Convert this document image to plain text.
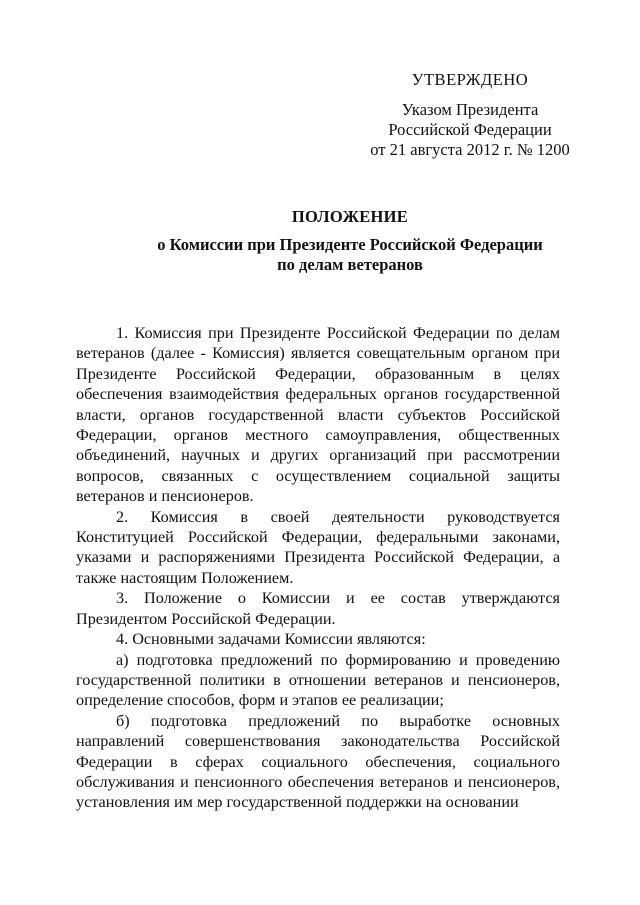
УТВЕРЖДЕНО
Указом Президента
Российской Федерации
от 21 августа 2012 г. № 1200
ПОЛОЖЕНИЕ
о Комиссии при Президенте Российской Федерации
по делам ветеранов

1. Комиссия при Президенте Российской Федерации по делам ветеранов (далее - Комиссия) является совещательным органом при Президенте Российской Федерации, образованным в целях обеспечения взаимодействия федеральных органов государственной власти, органов государственной власти субъектов Российской Федерации, органов местного самоуправления, общественных объединений, научных и других организаций при рассмотрении вопросов, связанных с осуществлением социальной защиты ветеранов и пенсионеров.

2. Комиссия в своей деятельности руководствуется Конституцией Российской Федерации, федеральными законами, указами и распоряжениями Президента Российской Федерации, а также настоящим Положением.

3. Положение о Комиссии и ее состав утверждаются Президентом Российской Федерации.

4. Основными задачами Комиссии являются:

а) подготовка предложений по формированию и проведению государственной политики в отношении ветеранов и пенсионеров, определение способов, форм и этапов ее реализации;

б) подготовка предложений по выработке основных направлений совершенствования законодательства Российской Федерации в сферах социального обеспечения, социального обслуживания и пенсионного обеспечения ветеранов и пенсионеров, установления им мер государственной поддержки на основании
